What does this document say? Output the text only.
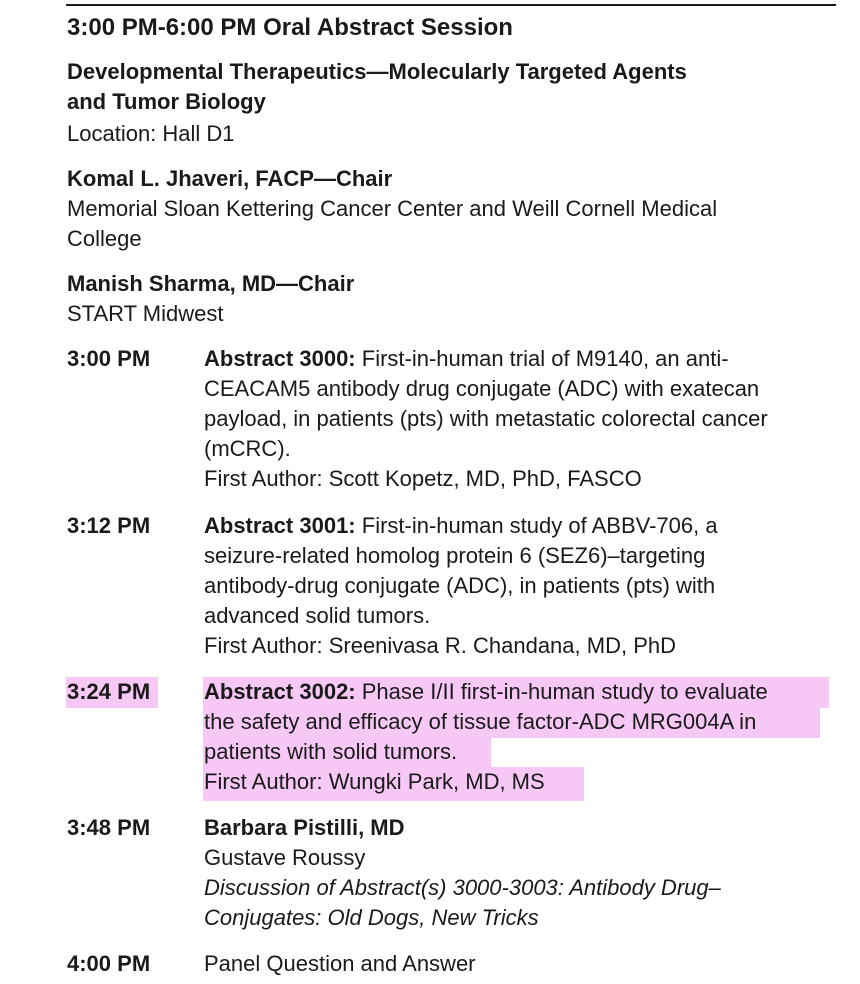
3:00 PM-6:00 PM Oral Abstract Session
Developmental Therapeutics—Molecularly Targeted Agents
and Tumor Biology
Location: Hall D1
Komal L. Jhaveri, FACP—Chair
Memorial Sloan Kettering Cancer Center and Weill Cornell Medical
College
Manish Sharma, MD—Chair
START Midwest
3:00 PM Abstract 3000: First-in-human trial of M9140, an anti-
CEACAM5 antibody drug conjugate (ADC) with exatecan
payload, in patients (pts) with metastatic colorectal cancer
(mCRC).
First Author: Scott Kopetz, MD, PhD, FASCO
3:12 PM Abstract 3001: First-in-human study of ABBV-706, a
seizure-related homolog protein 6 (SEZ6)–targeting
antibody-drug conjugate (ADC), in patients (pts) with
advanced solid tumors.
First Author: Sreenivasa R. Chandana, MD, PhD
3:24 PM Abstract 3002: Phase I/II first-in-human study to evaluate
the safety and efficacy of tissue factor-ADC MRG004A in
patients with solid tumors.
First Author: Wungki Park, MD, MS
3:48 PM Barbara Pistilli, MD
Gustave Roussy
Discussion of Abstract(s) 3000-3003: Antibody Drug–
Conjugates: Old Dogs, New Tricks
4:00 PM Panel Question and Answer
